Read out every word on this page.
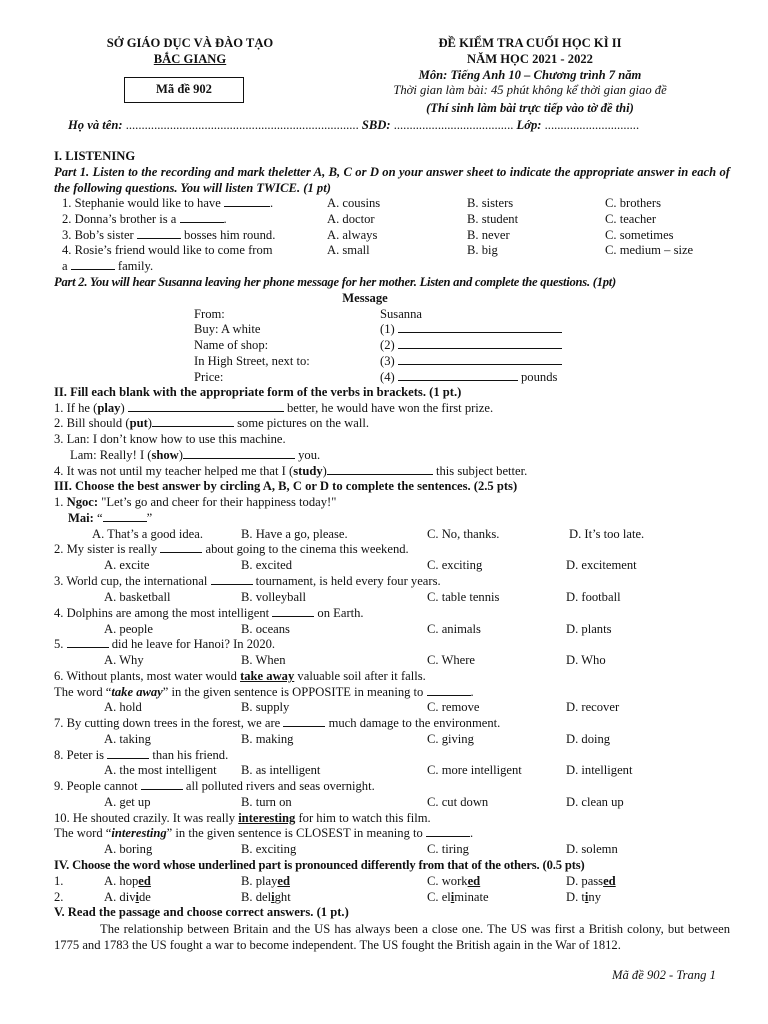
SỞ GIÁO DỤC VÀ ĐÀO TẠO
BẮC GIANG
Mã đề 902
ĐỀ KIỂM TRA CUỐI HỌC KÌ II
NĂM HỌC 2021 - 2022
Môn: Tiếng Anh 10 – Chương trình 7 năm
Thời gian làm bài: 45 phút không kể thời gian giao đề
(Thí sinh làm bài trực tiếp vào tờ đề thi)
Họ và tên: .......................................................................... SBD: ...................................... Lớp: ..............................
I. LISTENING
Part 1. Listen to the recording and mark theletter A, B, C or D on your answer sheet to indicate the appropriate answer in each of the following questions. You will listen TWICE. (1 pt)
1. Stephanie would like to have	.	A. cousins	B. sisters	C. brothers
2. Donna’s brother is a	.	A. doctor	B. student	C. teacher
3. Bob’s sister	bosses him round.	A. always	B. never	C. sometimes
4. Rosie’s friend would like to come from	A. small	B. big	C. medium – size
a	family.
Part 2. You will hear Susanna leaving her phone message for her mother. Listen and complete the questions. (1pt)
Message
From:	Susanna
Buy: A white	(1)
Name of shop:	(2)
In High Street, next to:	(3)
Price:	(4)	pounds
II. Fill each blank with the appropriate form of the verbs in brackets. (1 pt.)
1. If he (play)	better, he would have won the first prize.
2. Bill should (put)	some pictures on the wall.
3. Lan: I don’t know how to use this machine.
Lam: Really! I (show)	you.
4. It was not until my teacher helped me that I (study)	this subject better.
III. Choose the best answer by circling A, B, C or D to complete the sentences. (2.5 pts)
1. Ngoc: "Let’s go and cheer for their happiness today!"
Mai: “	”
A. That’s a good idea.	B. Have a go, please.	C. No, thanks.	D. It’s too late.
2. My sister is really	about going to the cinema this weekend.
A. excite	B. excited	C. exciting	D. excitement
3. World cup, the international	tournament, is held every four years.
A. basketball	B. volleyball	C. table tennis	D. football
4. Dolphins are among the most intelligent	on Earth.
A. people	B. oceans	C. animals	D. plants
5.	did he leave for Hanoi? In 2020.
A. Why	B. When	C. Where	D. Who
6. Without plants, most water would take away valuable soil after it falls.
The word “take away” in the given sentence is OPPOSITE in meaning to	.
A. hold	B. supply	C. remove	D. recover
7. By cutting down trees in the forest, we are	much damage to the environment.
A. taking	B. making	C. giving	D. doing
8. Peter is	than his friend.
A. the most intelligent B. as intelligent	C. more intelligent	D. intelligent
9. People cannot	all polluted rivers and seas overnight.
A. get up	B. turn on	C. cut down	D. clean up
10. He shouted crazily. It was really interesting for him to watch this film.
The word “interesting” in the given sentence is CLOSEST in meaning to	.
A. boring	B. exciting	C. tiring	D. solemn
IV. Choose the word whose underlined part is pronounced differently from that of the others. (0.5 pts)
1.	A. hoped	B. played	C. worked	D. passed
2.	A. divide	B. delight	C. eliminate	D. tiny
V. Read the passage and choose correct answers. (1 pt.)
The relationship between Britain and the US has always been a close one. The US was first a British colony, but between 1775 and 1783 the US fought a war to become independent. The US fought the British again in the War of 1812.
Mã đề 902 - Trang 1
